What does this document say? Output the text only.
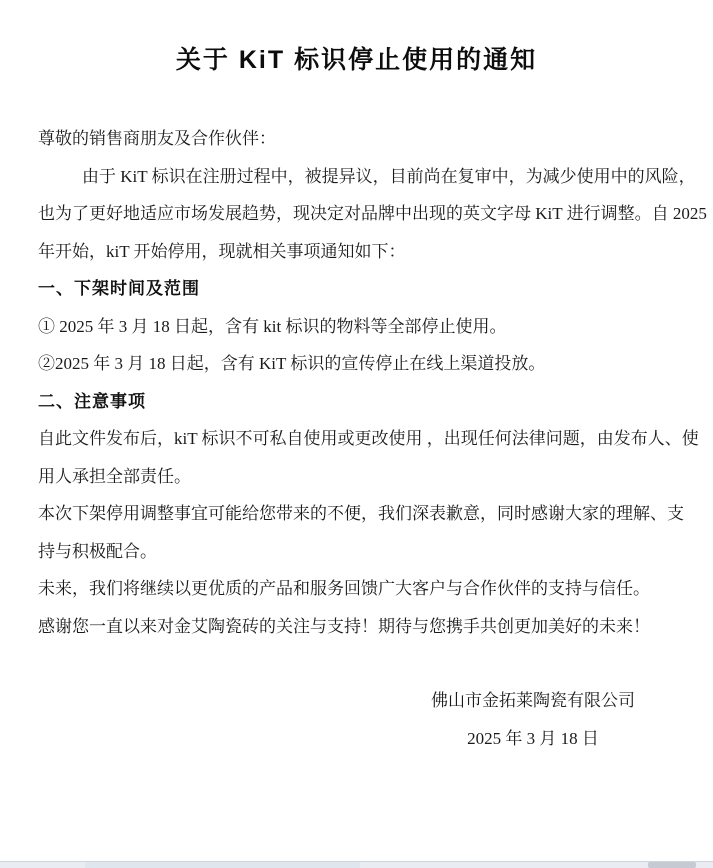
关于 KiT 标识停止使用的通知
尊敬的销售商朋友及合作伙伴：
由于 KiT 标识在注册过程中，被提异议，目前尚在复审中，为减少使用中的风险，
也为了更好地适应市场发展趋势，现决定对品牌中出现的英文字母 KiT 进行调整。自 2025
年开始，kiT 开始停用，现就相关事项通知如下：
一、下架时间及范围
① 2025 年 3 月 18 日起，含有 kit 标识的物料等全部停止使用。
②2025 年 3 月 18 日起，含有 KiT 标识的宣传停止在线上渠道投放。
二、注意事项
自此文件发布后，kiT 标识不可私自使用或更改使用 ，出现任何法律问题，由发布人、使
用人承担全部责任。
本次下架停用调整事宜可能给您带来的不便，我们深表歉意，同时感谢大家的理解、支
持与积极配合。
未来，我们将继续以更优质的产品和服务回馈广大客户与合作伙伴的支持与信任。
感谢您一直以来对金艾陶瓷砖的关注与支持！期待与您携手共创更加美好的未来！
佛山市金拓莱陶瓷有限公司
2025 年 3 月 18 日
